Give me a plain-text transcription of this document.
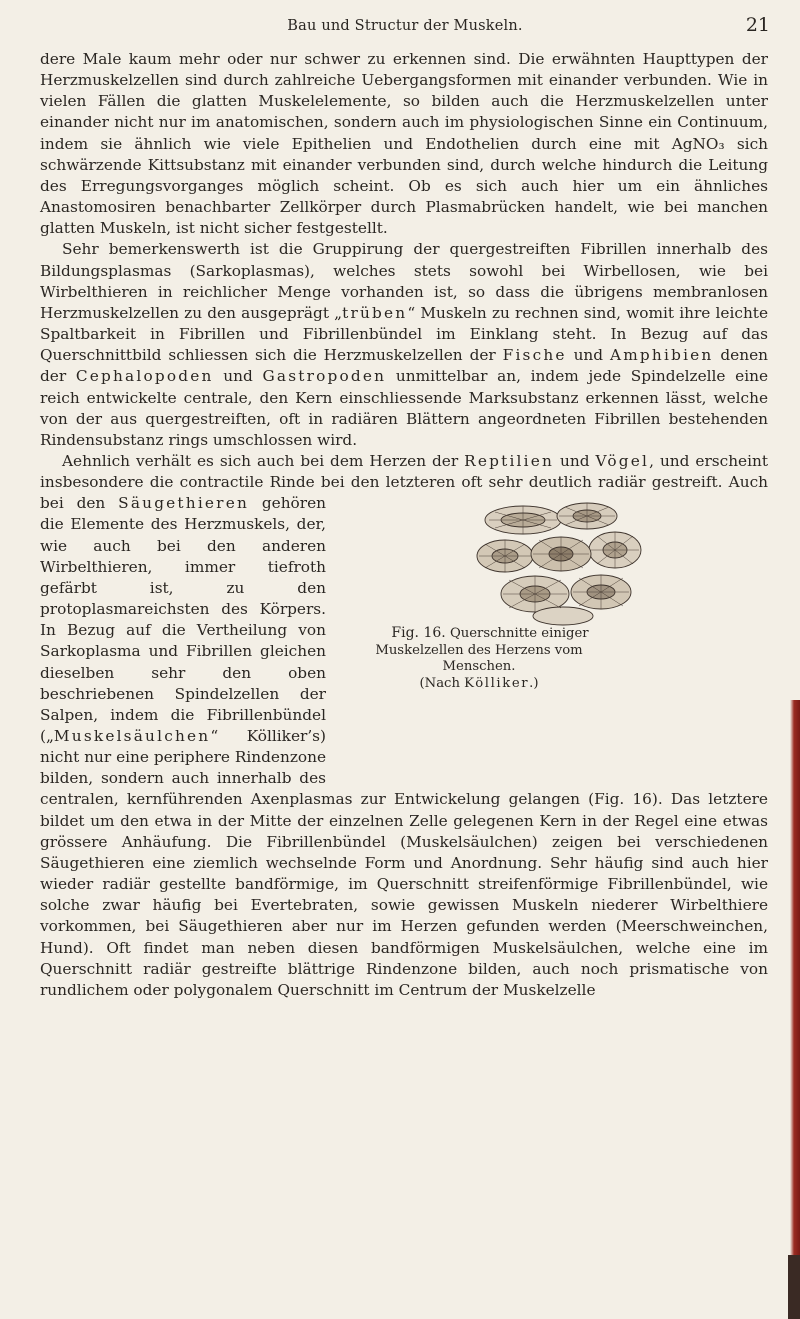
Bau und Structur der Muskeln.	21

dere Male kaum mehr oder nur schwer zu erkennen sind. Die erwähnten Haupttypen der Herzmuskelzellen sind durch zahlreiche Uebergangsformen mit einander verbunden. Wie in vielen Fällen die glatten Muskelelemente, so bilden auch die Herzmuskelzellen unter einander nicht nur im anatomischen, sondern auch im physiologischen Sinne ein Continuum, indem sie ähnlich wie viele Epithelien und Endothelien durch eine mit AgNO₃ sich schwärzende Kittsubstanz mit einander verbunden sind, durch welche hindurch die Leitung des Erregungsvorganges möglich scheint. Ob es sich auch hier um ein ähnliches Anastomosiren benachbarter Zellkörper durch Plasmabrücken handelt, wie bei manchen glatten Muskeln, ist nicht sicher festgestellt.

Sehr bemerkenswerth ist die Gruppirung der quergestreiften Fibrillen innerhalb des Bildungsplasmas (Sarkoplasmas), welches stets sowohl bei Wirbellosen, wie bei Wirbelthieren in reichlicher Menge vorhanden ist, so dass die übrigens membranlosen Herzmuskelzellen zu den ausgeprägt „trüben“ Muskeln zu rechnen sind, womit ihre leichte Spaltbarkeit in Fibrillen und Fibrillenbündel im Einklang steht. In Bezug auf das Querschnittbild schliessen sich die Herzmuskelzellen der Fische und Amphibien denen der Cephalopoden und Gastropoden unmittelbar an, indem jede Spindelzelle eine reich entwickelte centrale, den Kern einschliessende Marksubstanz erkennen lässt, welche von der aus quergestreiften, oft in radiären Blättern angeordneten Fibrillen bestehenden Rindensubstanz rings umschlossen wird.

Aehnlich verhält es sich auch bei dem Herzen der Reptilien und Vögel, und erscheint insbesondere die contractile Rinde bei den letzteren oft sehr deutlich radiär gestreift. Auch bei den
Fig. 16. Querschnitte einiger Muskelzellen des Herzens vom Menschen.
(Nach Kölliker.)
Säugethieren gehören die Elemente des Herzmuskels, der, wie auch bei den anderen Wirbelthieren, immer tiefroth gefärbt ist, zu den protoplasmareichsten des Körpers. In Bezug auf die Vertheilung von Sarkoplasma und Fibrillen gleichen dieselben sehr den oben beschriebenen Spindelzellen der Salpen, indem die Fibrillenbündel („Muskelsäulchen“ Kölliker’s) nicht nur eine periphere Rindenzone bilden, sondern auch innerhalb des centralen, kernführenden Axenplasmas zur Entwickelung gelangen (Fig. 16). Das letztere bildet um den etwa in der Mitte der einzelnen Zelle gelegenen Kern in der Regel eine etwas grössere Anhäufung. Die Fibrillenbündel (Muskelsäulchen) zeigen bei verschiedenen Säugethieren eine ziemlich wechselnde Form und Anordnung. Sehr häufig sind auch hier wieder radiär gestellte bandförmige, im Querschnitt streifenförmige Fibrillenbündel, wie solche zwar häufig bei Evertebraten, sowie gewissen Muskeln niederer Wirbelthiere vorkommen, bei Säugethieren aber nur im Herzen gefunden werden (Meerschweinchen, Hund). Oft findet man neben diesen bandförmigen Muskelsäulchen, welche eine im Querschnitt radiär gestreifte blättrige Rindenzone bilden, auch noch prismatische von rundlichem oder polygonalem Querschnitt im Centrum der Muskelzelle
